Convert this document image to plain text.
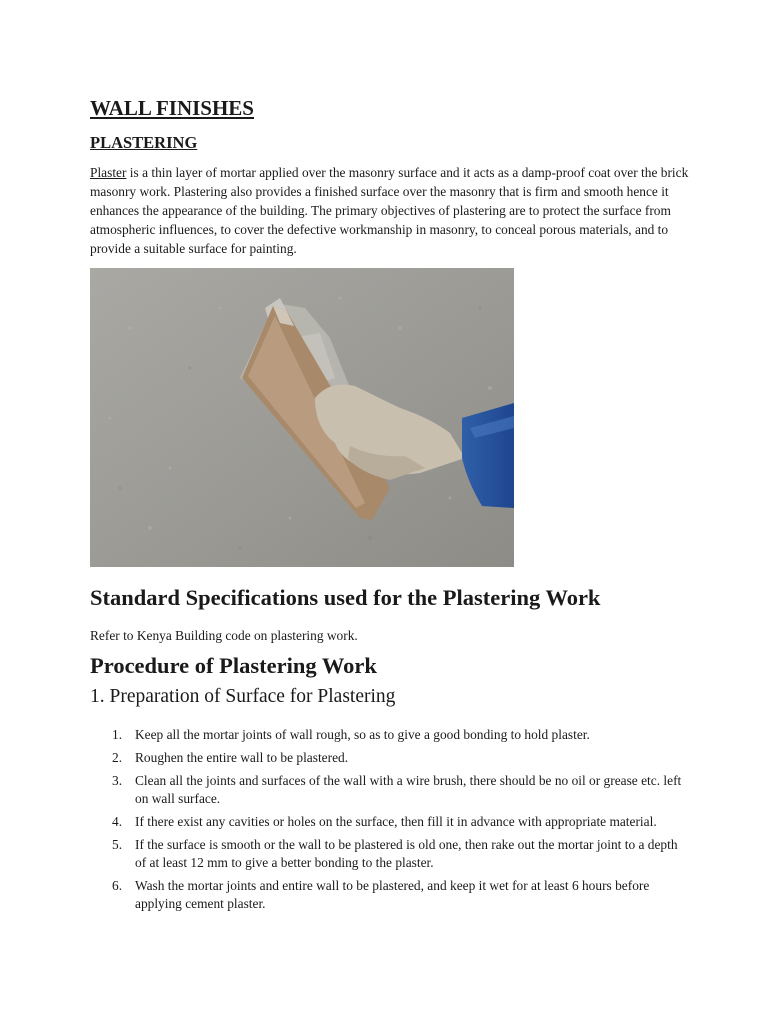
WALL FINISHES
PLASTERING

Plaster is a thin layer of mortar applied over the masonry surface and it acts as a damp-proof coat over the brick masonry work. Plastering also provides a finished surface over the masonry that is firm and smooth hence it enhances the appearance of the building. The primary objectives of plastering are to protect the surface from atmospheric influences, to cover the defective workmanship in masonry, to conceal porous materials, and to provide a suitable surface for painting.

Standard Specifications used for the Plastering Work

Refer to Kenya Building code on plastering work.

Procedure of Plastering Work
1. Preparation of Surface for Plastering
1. Keep all the mortar joints of wall rough, so as to give a good bonding to hold plaster.
2. Roughen the entire wall to be plastered.
3. Clean all the joints and surfaces of the wall with a wire brush, there should be no oil or grease etc. left on wall surface.
4. If there exist any cavities or holes on the surface, then fill it in advance with appropriate material.
5. If the surface is smooth or the wall to be plastered is old one, then rake out the mortar joint to a depth of at least 12 mm to give a better bonding to the plaster.
6. Wash the mortar joints and entire wall to be plastered, and keep it wet for at least 6 hours before applying cement plaster.
